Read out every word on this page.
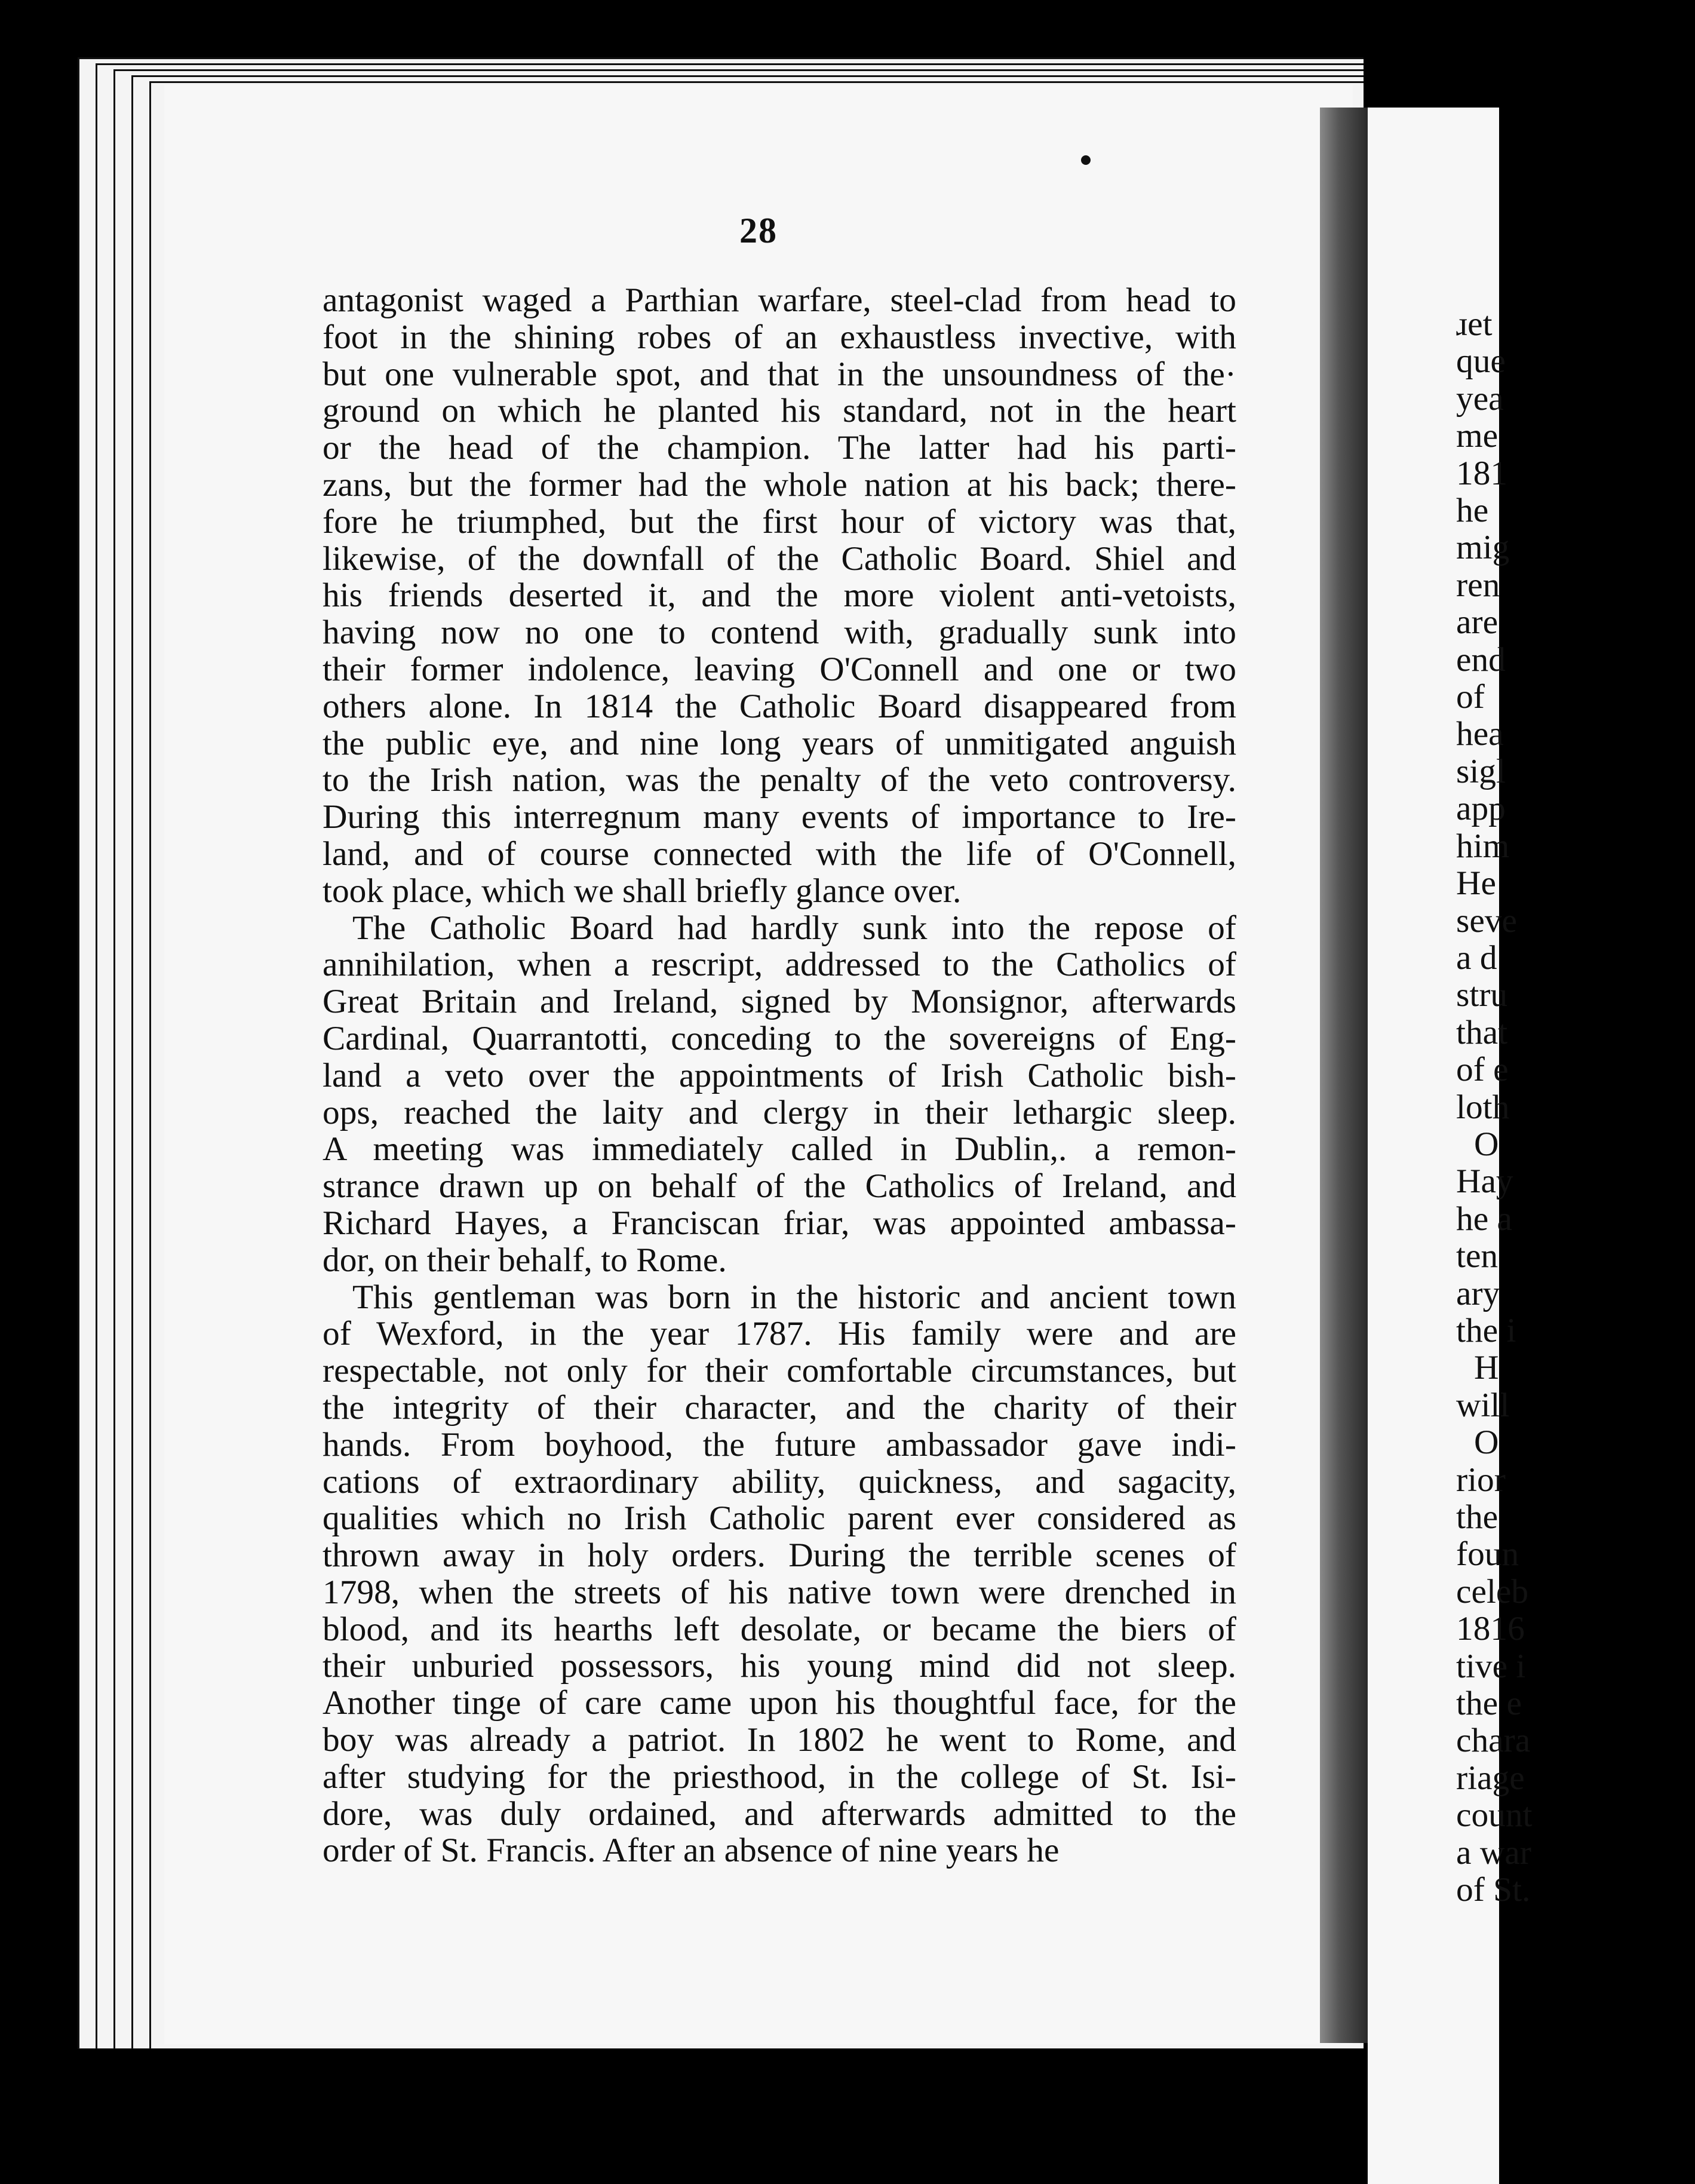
28
antagonist waged a Parthian warfare, steel-clad from head to
foot in the shining robes of an exhaustless invective, with
but one vulnerable spot, and that in the unsoundness of the·
ground on which he planted his standard, not in the heart
or the head of the champion. The latter had his parti-
zans, but the former had the whole nation at his back; there-
fore he triumphed, but the first hour of victory was that,
likewise, of the downfall of the Catholic Board. Shiel and
his friends deserted it, and the more violent anti-vetoists,
having now no one to contend with, gradually sunk into
their former indolence, leaving O'Connell and one or two
others alone. In 1814 the Catholic Board disappeared from
the public eye, and nine long years of unmitigated anguish
to the Irish nation, was the penalty of the veto controversy.
During this interregnum many events of importance to Ire-
land, and of course connected with the life of O'Connell,
took place, which we shall briefly glance over.
The Catholic Board had hardly sunk into the repose of
annihilation, when a rescript, addressed to the Catholics of
Great Britain and Ireland, signed by Monsignor, afterwards
Cardinal, Quarrantotti, conceding to the sovereigns of Eng-
land a veto over the appointments of Irish Catholic bish-
ops, reached the laity and clergy in their lethargic sleep.
A meeting was immediately called in Dublin,. a remon-
strance drawn up on behalf of the Catholics of Ireland, and
Richard Hayes, a Franciscan friar, was appointed ambassa-
dor, on their behalf, to Rome.
This gentleman was born in the historic and ancient town
of Wexford, in the year 1787. His family were and are
respectable, not only for their comfortable circumstances, but
the integrity of their character, and the charity of their
hands. From boyhood, the future ambassador gave indi-
cations of extraordinary ability, quickness, and sagacity,
qualities which no Irish Catholic parent ever considered as
thrown away in holy orders. During the terrible scenes of
1798, when the streets of his native town were drenched in
blood, and its hearths left desolate, or became the biers of
their unburied possessors, his young mind did not sleep.
Another tinge of care came upon his thoughtful face, for the
boy was already a patriot. In 1802 he went to Rome, and
after studying for the priesthood, in the college of St. Isi-
dore, was duly ordained, and afterwards admitted to the
order of St. Francis. After an absence of nine years he
ɹet
que
yea
me
181
he
mig
ren
are
end
of
hea
sigl
app
him
He
seve
a d
stru
that
of e
loth
O
Hay
he a
ten
ary
the i
H
will
O
rior
the
foun
celeb
1816
tive i
the e
chara
riage
count
a war
of St.
